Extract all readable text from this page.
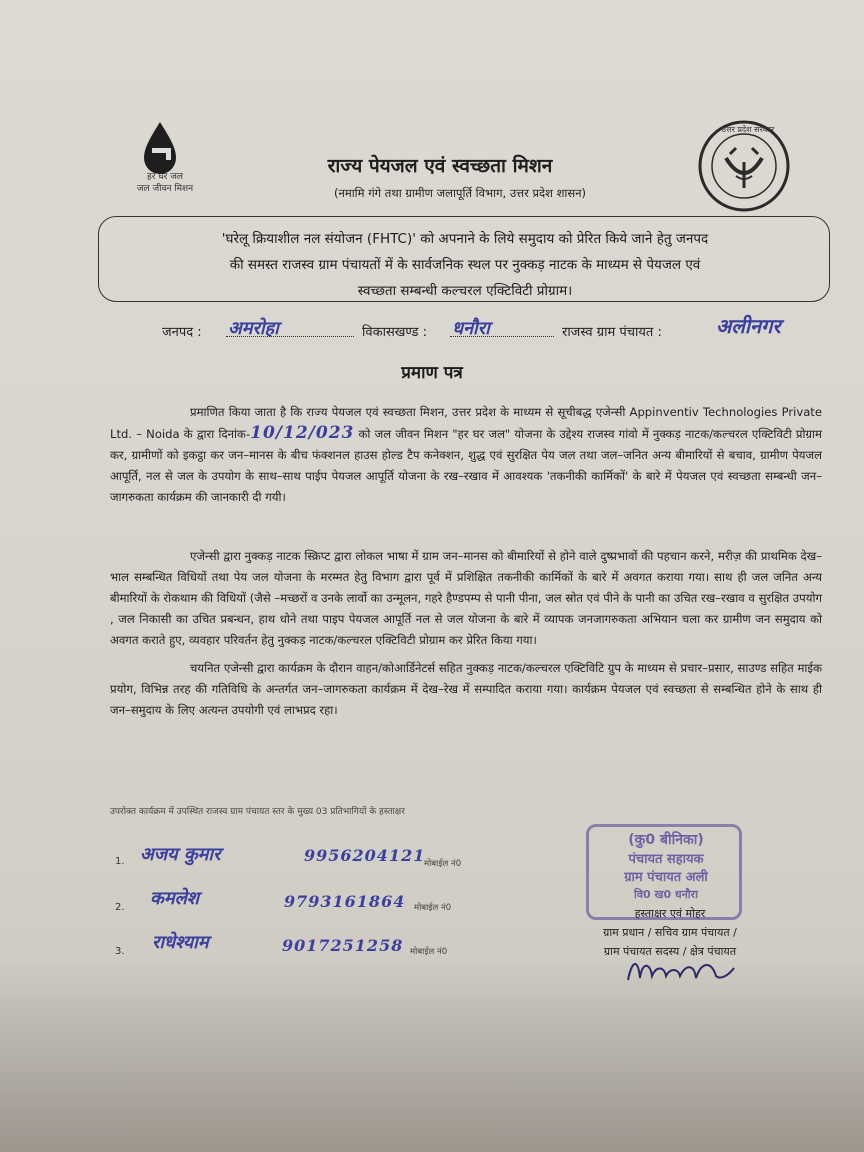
हर घर जल
जल जीवन मिशन
उत्तर प्रदेश सरकार
राज्य पेयजल एवं स्वच्छता मिशन
(नमामि गंगे तथा ग्रामीण जलापूर्ति विभाग, उत्तर प्रदेश शासन)
'घरेलू क्रियाशील नल संयोजन (FHTC)' को अपनाने के लिये समुदाय को प्रेरित किये जाने हेतु जनपद
की समस्त राजस्व ग्राम पंचायतों में के सार्वजनिक स्थल पर नुक्कड़ नाटक के माध्यम से पेयजल एवं
स्वच्छता सम्बन्धी कल्चरल एक्टिविटी प्रोग्राम।
जनपद : अमरोहा	विकासखण्ड : धनौरा	राजस्व ग्राम पंचायत :	अलीनगर
प्रमाण पत्र
प्रमाणित किया जाता है कि राज्य पेयजल एवं स्वच्छता मिशन, उत्तर प्रदेश के माध्यम से सूचीबद्ध एजेन्सी Appinventiv Technologies Private Ltd. – Noida के द्वारा दिनांक-10/12/023 को जल जीवन मिशन "हर घर जल" योजना के उद्देश्य राजस्व गांवो में नुक्कड़ नाटक/कल्चरल एक्टिविटी प्रोग्राम कर, ग्रामीणों को इकट्ठा कर जन–मानस के बीच फंक्शनल हाउस होल्ड टैप कनेक्शन, शुद्ध एवं सुरक्षित पेय जल तथा जल–जनित अन्य बीमारियों से बचाव, ग्रामीण पेयजल आपूर्ति, नल से जल के उपयोग के साथ–साथ पाईप पेयजल आपूर्ति योजना के रख–रखाव में आवश्यक 'तकनीकी कार्मिकों' के बारे में पेयजल एवं स्वच्छता सम्बन्धी जन–जागरुकता कार्यक्रम की जानकारी दी गयी।
एजेन्सी द्वारा नुक्कड़ नाटक स्क्रिप्ट द्वारा लोकल भाषा में ग्राम जन–मानस को बीमारियों से होने वाले दुष्प्रभावों की पहचान करने, मरीज़ की प्राथमिक देख–भाल सम्बन्धित विधियों तथा पेय जल योजना के मरम्मत हेतु विभाग द्वारा पूर्व में प्रशिक्षित तकनीकी कार्मिकों के बारे में अवगत कराया गया। साथ ही जल जनित अन्य बीमारियों के रोकथाम की विधियों (जैसे –मच्छरों व उनके लार्वो का उन्मूलन, गहरे हैण्डपम्प से पानी पीना, जल स्रोत एवं पीने के पानी का उचित रख–रखाव व सुरक्षित उपयोग , जल निकासी का उचित प्रबन्धन, हाथ धोने तथा पाइप पेयजल आपूर्ति नल से जल योजना के बारे में व्यापक जनजागरुकता अभियान चला कर ग्रामीण जन समुदाय को अवगत कराते हुए, व्यवहार परिवर्तन हेतु नुक्कड़ नाटक/कल्चरल एक्टिविटी प्रोग्राम कर प्रेरित किया गया।
चयनित एजेन्सी द्वारा कार्यक्रम के दौरान वाहन/कोआर्डिनेटर्स सहित नुक्कड़ नाटक/कल्चरल एक्टिविटि ग्रुप के माध्यम से प्रचार–प्रसार, साउण्ड सहित माईक प्रयोग, विभिन्न तरह की गतिविधि के अन्तर्गत जन–जागरुकता कार्यक्रम में देख–रेख में सम्पादित कराया गया। कार्यक्रम पेयजल एवं स्वच्छता से सम्बन्धित होने के साथ ही जन–समुदाय के लिए अत्यन्त उपयोगी एवं लाभप्रद रहा।
उपरोक्त कार्यक्रम में उपस्थित राजस्व ग्राम पंचायत स्तर के मुख्य 03 प्रतिभागियों के हस्ताक्षर
1. अजय कुमार	9956204121
मोबाईल नं0
2. कमलेश	9793161864 मोबाईल नं0
3. राधेश्याम	9017251258 मोबाईल नं0
(कु0 बीनिका)
पंचायत सहायक
ग्राम पंचायत अली
वि0 ख0 धनौरा
हस्ताक्षर एवं मोहर
ग्राम प्रधान / सचिव ग्राम पंचायत /
ग्राम पंचायत सदस्य / क्षेत्र पंचायत
